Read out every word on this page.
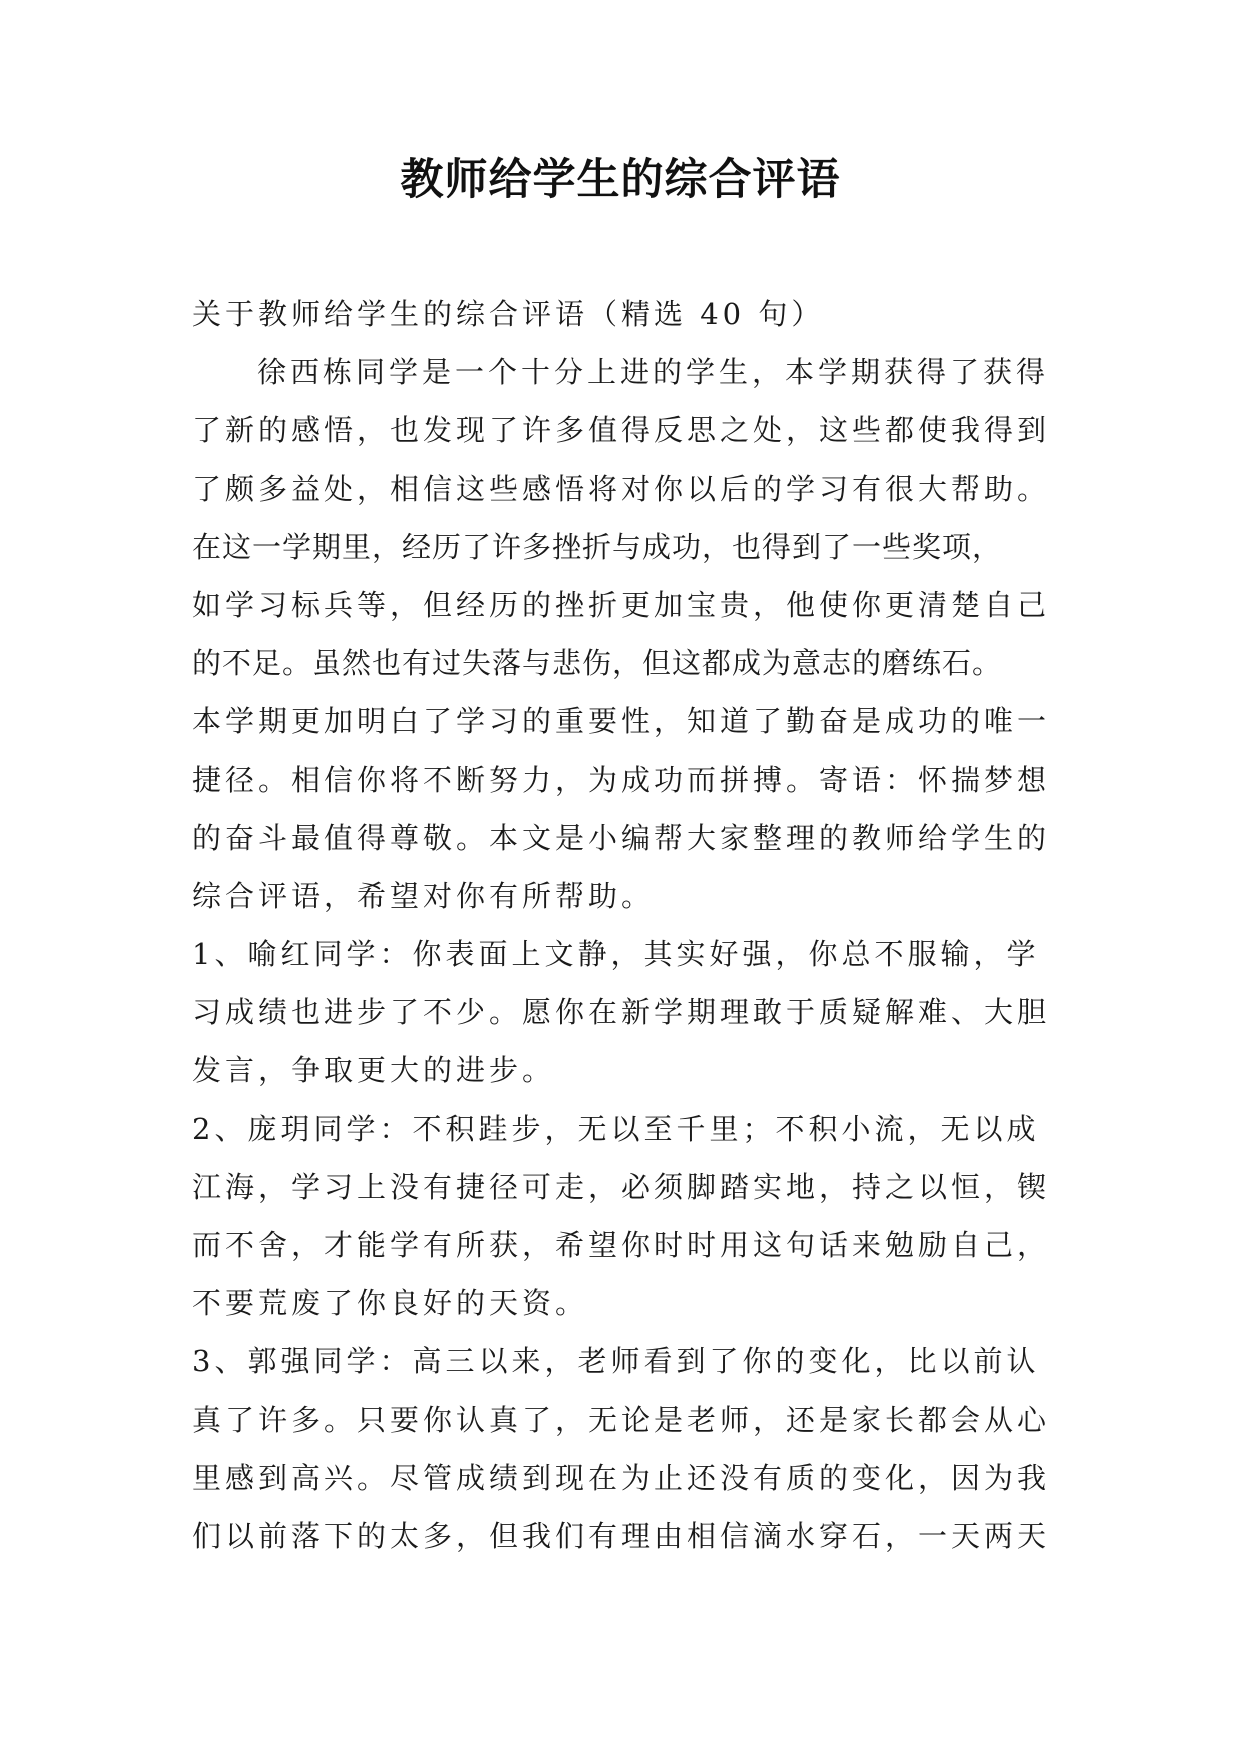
教师给学生的综合评语
关于教师给学生的综合评语（精选 40 句）
徐西栋同学是一个十分上进的学生，本学期获得了获得
了新的感悟，也发现了许多值得反思之处，这些都使我得到
了颇多益处，相信这些感悟将对你以后的学习有很大帮助。
在这一学期里，经历了许多挫折与成功，也得到了一些奖项，
如学习标兵等，但经历的挫折更加宝贵，他使你更清楚自己
的不足。虽然也有过失落与悲伤，但这都成为意志的磨练石。
本学期更加明白了学习的重要性，知道了勤奋是成功的唯一
捷径。相信你将不断努力，为成功而拼搏。寄语：怀揣梦想
的奋斗最值得尊敬。本文是小编帮大家整理的教师给学生的
综合评语，希望对你有所帮助。
1、喻红同学：你表面上文静，其实好强，你总不服输，学
习成绩也进步了不少。愿你在新学期理敢于质疑解难、大胆
发言，争取更大的进步。
2、庞玥同学：不积跬步，无以至千里；不积小流，无以成
江海，学习上没有捷径可走，必须脚踏实地，持之以恒，锲
而不舍，才能学有所获，希望你时时用这句话来勉励自己，
不要荒废了你良好的天资。
3、郭强同学：高三以来，老师看到了你的变化，比以前认
真了许多。只要你认真了，无论是老师，还是家长都会从心
里感到高兴。尽管成绩到现在为止还没有质的变化，因为我
们以前落下的太多，但我们有理由相信滴水穿石，一天两天
